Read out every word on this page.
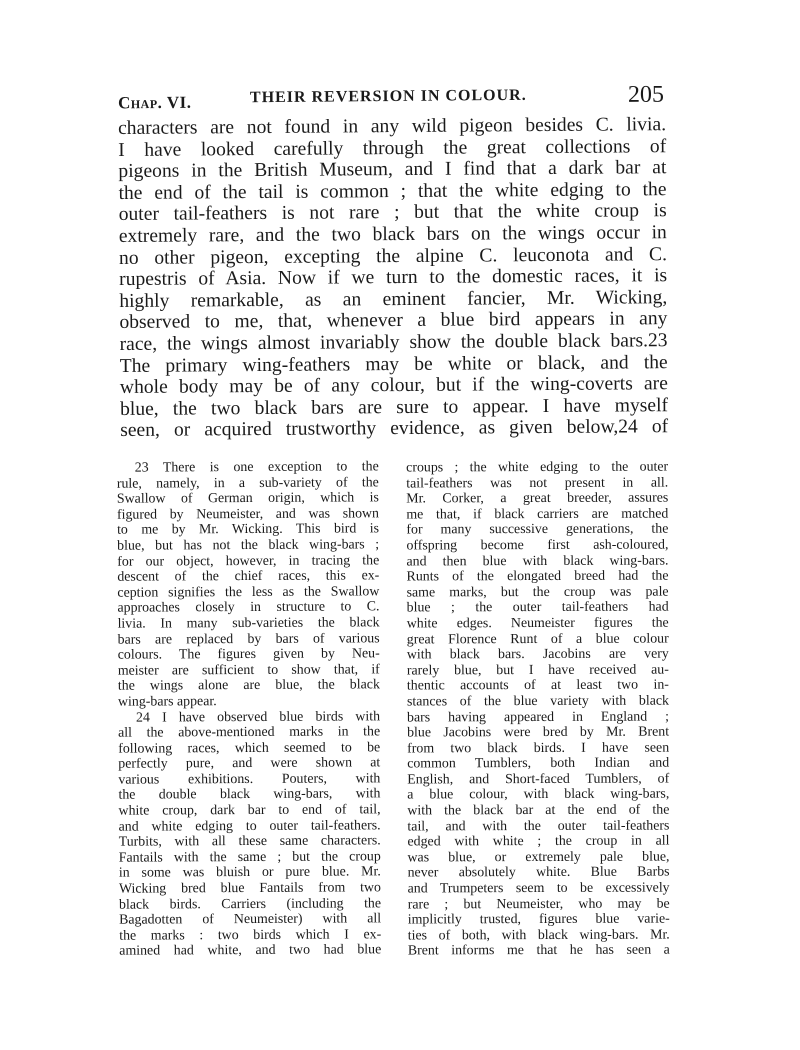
Chap. VI.	THEIR REVERSION IN COLOUR.	205
characters are not found in any wild pigeon besides C. livia.
I have looked carefully through the great collections of
pigeons in the British Museum, and I find that a dark bar at
the end of the tail is common ; that the white edging to the
outer tail-feathers is not rare ; but that the white croup is
extremely rare, and the two black bars on the wings occur in
no other pigeon, excepting the alpine C. leuconota and C.
rupestris of Asia. Now if we turn to the domestic races, it is
highly remarkable, as an eminent fancier, Mr. Wicking,
observed to me, that, whenever a blue bird appears in any
race, the wings almost invariably show the double black bars.23
The primary wing-feathers may be white or black, and the
whole body may be of any colour, but if the wing-coverts are
blue, the two black bars are sure to appear. I have myself
seen, or acquired trustworthy evidence, as given below,24 of
23 There is one exception to the
rule, namely, in a sub-variety of the
Swallow of German origin, which is
figured by Neumeister, and was shown
to me by Mr. Wicking. This bird is
blue, but has not the black wing-bars ;
for our object, however, in tracing the
descent of the chief races, this ex-
ception signifies the less as the Swallow
approaches closely in structure to C.
livia. In many sub-varieties the black
bars are replaced by bars of various
colours. The figures given by Neu-
meister are sufficient to show that, if
the wings alone are blue, the black
wing-bars appear.
24 I have observed blue birds with
all the above-mentioned marks in the
following races, which seemed to be
perfectly pure, and were shown at
various exhibitions. Pouters, with
the double black wing-bars, with
white croup, dark bar to end of tail,
and white edging to outer tail-feathers.
Turbits, with all these same characters.
Fantails with the same ; but the croup
in some was bluish or pure blue. Mr.
Wicking bred blue Fantails from two
black birds. Carriers (including the
Bagadotten of Neumeister) with all
the marks : two birds which I ex-
amined had white, and two had blue
croups ; the white edging to the outer
tail-feathers was not present in all.
Mr. Corker, a great breeder, assures
me that, if black carriers are matched
for many successive generations, the
offspring become first ash-coloured,
and then blue with black wing-bars.
Runts of the elongated breed had the
same marks, but the croup was pale
blue ; the outer tail-feathers had
white edges. Neumeister figures the
great Florence Runt of a blue colour
with black bars. Jacobins are very
rarely blue, but I have received au-
thentic accounts of at least two in-
stances of the blue variety with black
bars having appeared in England ;
blue Jacobins were bred by Mr. Brent
from two black birds. I have seen
common Tumblers, both Indian and
English, and Short-faced Tumblers, of
a blue colour, with black wing-bars,
with the black bar at the end of the
tail, and with the outer tail-feathers
edged with white ; the croup in all
was blue, or extremely pale blue,
never absolutely white. Blue Barbs
and Trumpeters seem to be excessively
rare ; but Neumeister, who may be
implicitly trusted, figures blue varie-
ties of both, with black wing-bars. Mr.
Brent informs me that he has seen a
